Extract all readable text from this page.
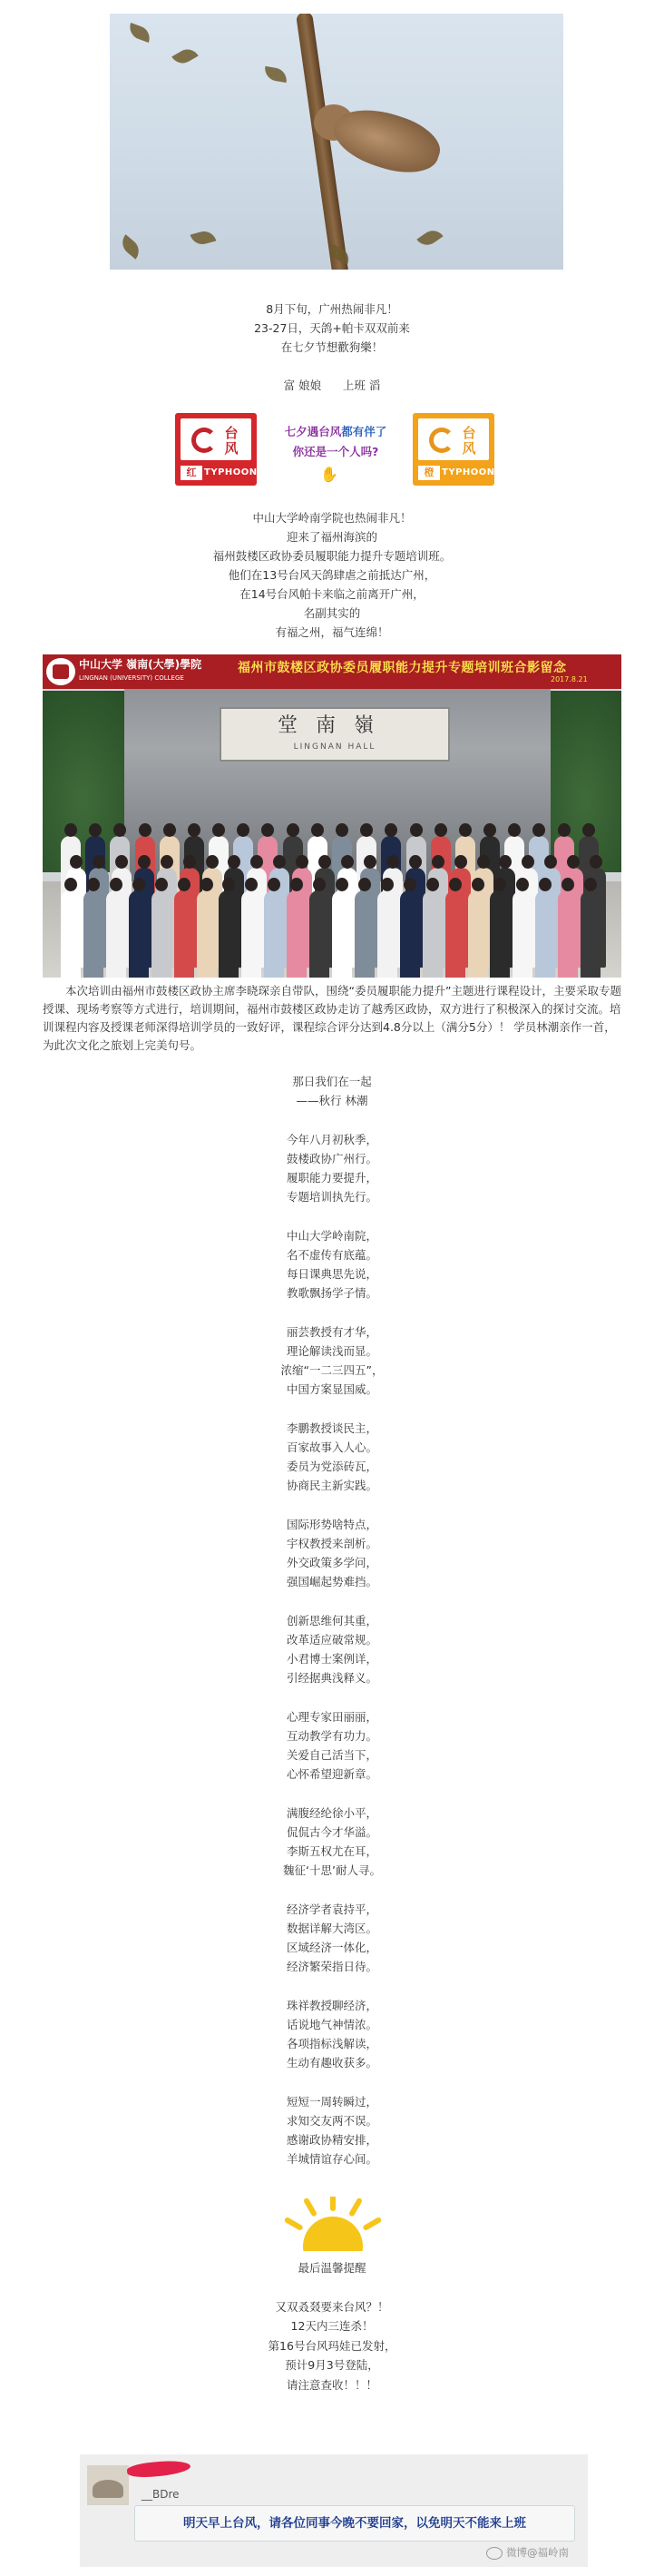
8月下旬，广州热闹非凡！
23-27日，天鸽+帕卡双双前来
在七夕节想歡狗樂！
富 娘娘      上班 滔
台
风
红 TYPHOON
七夕遇台风都有伴了
你还是一个人吗?
✋
台
风
橙 TYPHOON
中山大学岭南学院也热闹非凡！
迎来了福州海滨的
福州鼓楼区政协委员履职能力提升专题培训班。
他们在13号台风天鸽肆虐之前抵达广州，
在14号台风帕卡来临之前离开广州，
名副其实的
有福之州，福气连绵！
堂南嶺
LINGNAN HALL
中山大学 嶺南(大學)學院
LINGNAN (UNIVERSITY) COLLEGE
福州市鼓楼区政协委员履职能力提升专题培训班合影留念
2017.8.21
本次培训由福州市鼓楼区政协主席李晓琛亲自带队，围绕“委员履职能力提升”主题进行课程设计，主要采取专题授课、现场考察等方式进行，培训期间，福州市鼓楼区政协走访了越秀区政协，双方进行了积极深入的探讨交流。培训课程内容及授课老师深得培训学员的一致好评，课程综合评分达到4.8分以上（满分5分）！ 学员林潮亲作一首，为此次文化之旅划上完美句号。
那日我们在一起
——秋行 林潮
今年八月初秋季，
鼓楼政协广州行。
履职能力要提升，
专题培训执先行。
中山大学岭南院，
名不虚传有底蕴。
每日课典思先说，
教歌飘扬学子情。
丽芸教授有才华，
理论解读浅而显。
浓缩“一二三四五”，
中国方案显国威。
李鹏教授谈民主，
百家故事入人心。
委员为党添砖瓦，
协商民主新实践。
国际形势啥特点，
宇权教授来剖析。
外交政策多学问，
强国崛起势难挡。
创新思维何其重，
改革适应破常规。
小君博士案例详，
引经据典浅释义。
心理专家田丽丽，
互动教学有功力。
关爱自己活当下，
心怀希望迎新章。
满腹经纶徐小平，
侃侃古今才华溢。
李斯五权尤在耳，
魏征‘十思’耐人寻。
经济学者袁持平，
数据详解大湾区。
区域经济一体化，
经济繁荣指日待。
珠祥教授聊经济，
话说地气神情浓。
各项指标浅解读，
生动有趣收获多。
短短一周转瞬过，
求知交友两不误。
感谢政协精安排，
羊城情谊存心间。
最后温馨提醒
又双叒叕要来台风？！
12天内三连杀！
第16号台风玛娃已发射，
预计9月3号登陆，
请注意查收！！！
__BDre
明天早上台风，请各位同事今晚不要回家，以免明天不能来上班
微博@福岭南
